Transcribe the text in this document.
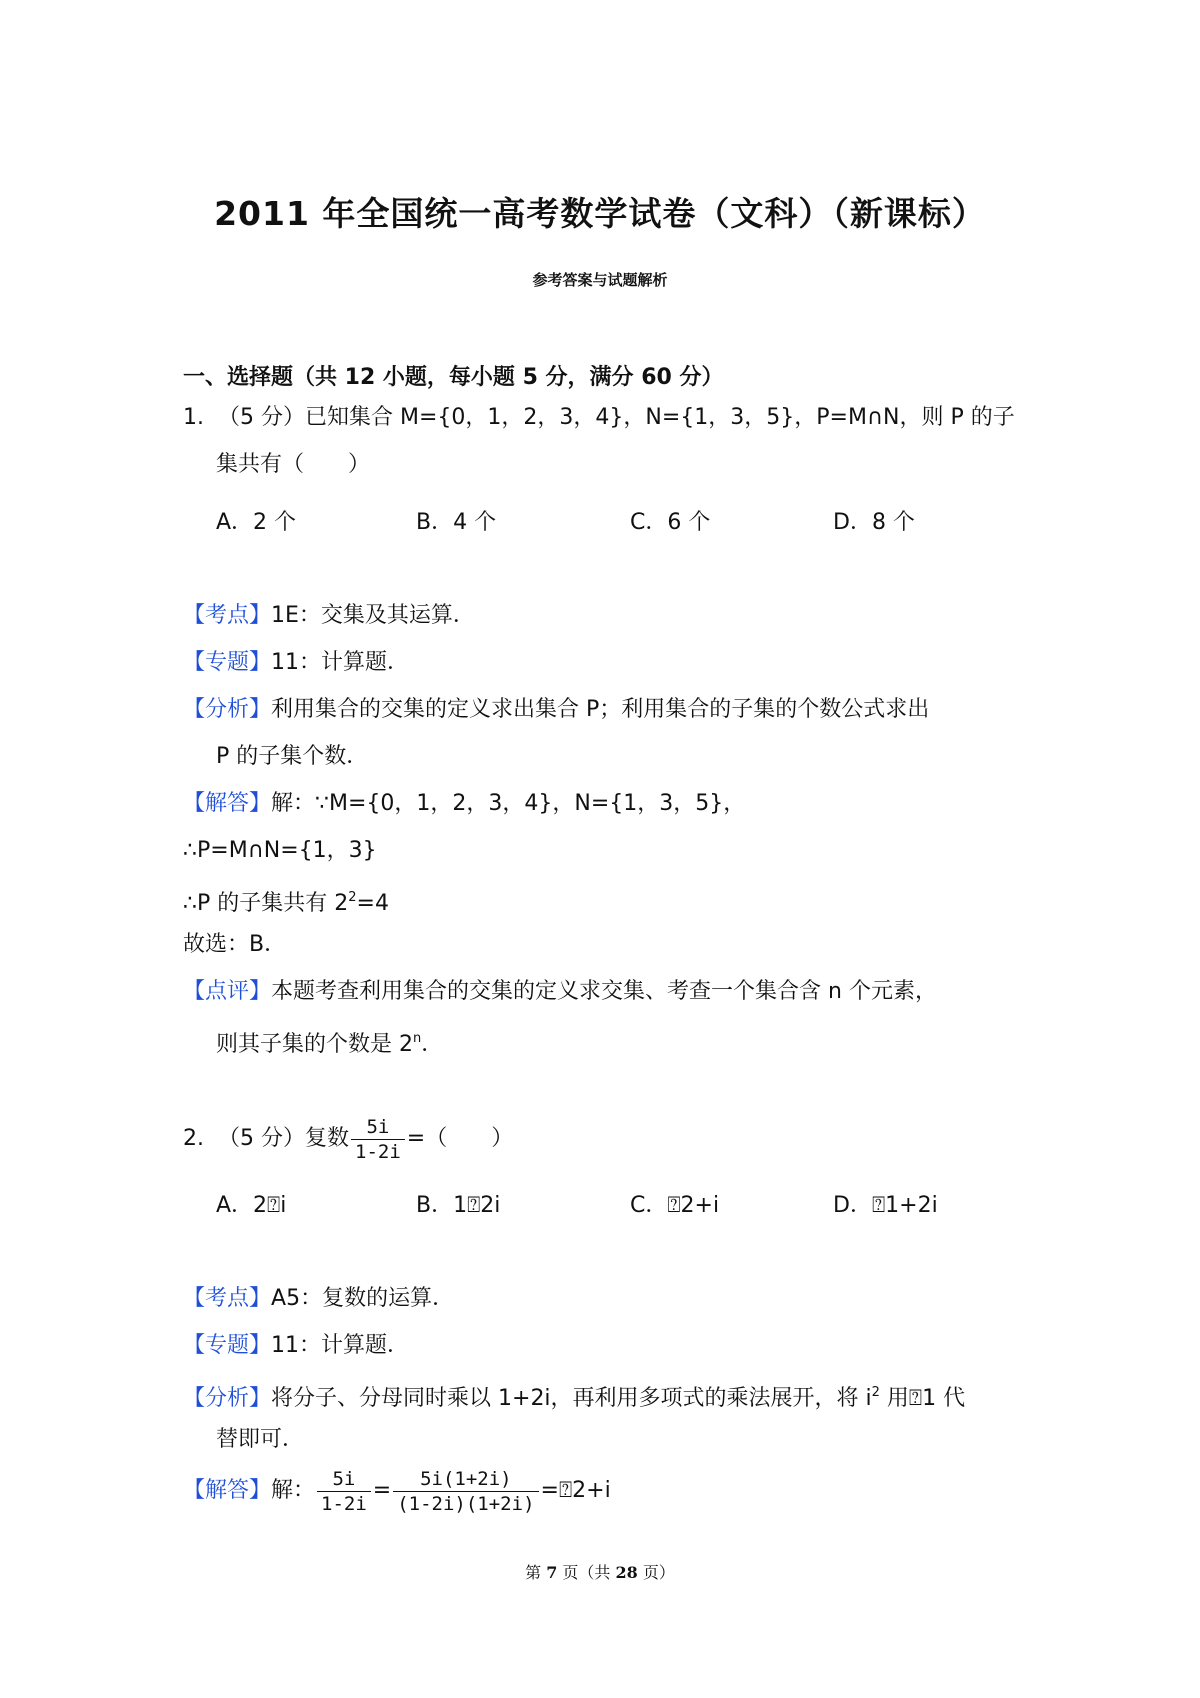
2011 年全国统一高考数学试卷（文科）（新课标）
参考答案与试题解析
一、选择题（共 12 小题，每小题 5 分，满分 60 分）
1. （5 分）已知集合 M={0，1，2，3，4}，N={1，3，5}，P=M∩N，则 P 的子
集共有（　　）
A．2 个	B．4 个	C．6 个	D．8 个
【考点】1E：交集及其运算．
【专题】11：计算题．
【分析】利用集合的交集的定义求出集合 P；利用集合的子集的个数公式求出
P 的子集个数．
【解答】解：∵M={0，1，2，3，4}，N={1，3，5}，
∴P=M∩N={1，3}
∴P 的子集共有 $2^2=4$
故选：B．
【点评】本题考查利用集合的交集的定义求交集、考查一个集合含 n 个元素，
则其子集的个数是 2$^n$．
2. （5 分）复数 $\frac{5i}{1-2i}$ =（　　）
A．2⍰i	B．1⍰2i	C．⍰2+i	D．⍰1+2i
【考点】A5：复数的运算．
【专题】11：计算题．
【分析】将分子、分母同时乘以 1+2i，再利用多项式的乘法展开，将 $i^2$ 用⍰1 代
替即可．
【解答】解： $\frac{5i}{1-2i} = \frac{5i(1+2i)}{(1-2i)(1+2i)}$ =⍰2+i
第 7 页（共 28 页）
